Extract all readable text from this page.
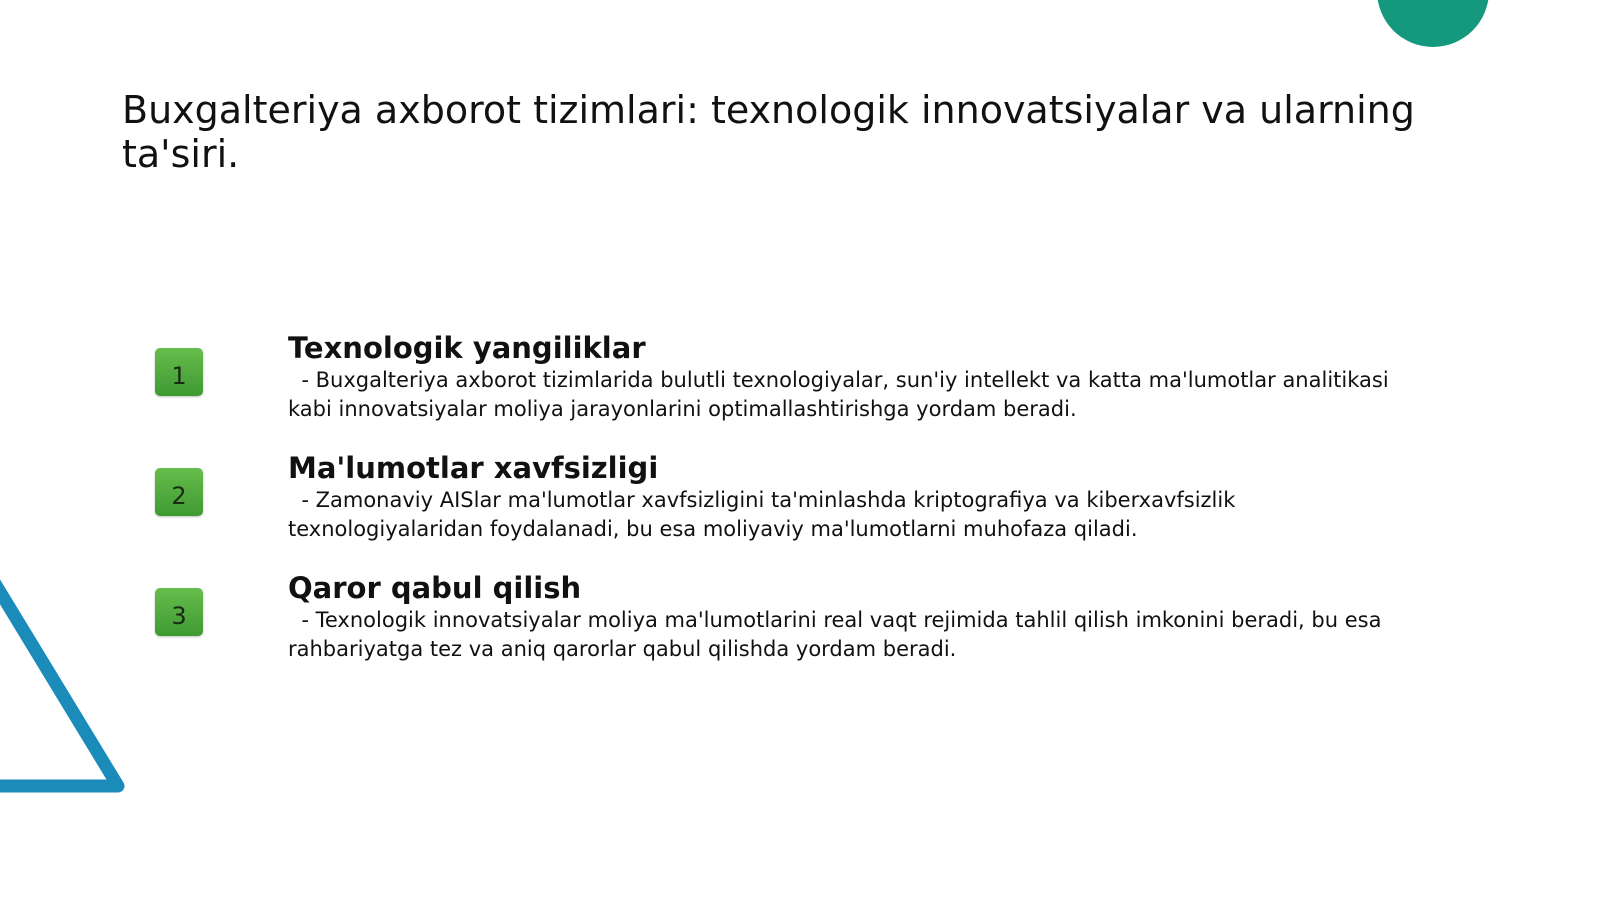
Buxgalteriya axborot tizimlari: texnologik innovatsiyalar va ularning ta'siri.
1
Texnologik yangiliklar
- Buxgalteriya axborot tizimlarida bulutli texnologiyalar, sun'iy intellekt va katta ma'lumotlar analitikasi kabi innovatsiyalar moliya jarayonlarini optimallashtirishga yordam beradi.
2
Ma'lumotlar xavfsizligi
- Zamonaviy AISlar ma'lumotlar xavfsizligini ta'minlashda kriptografiya va kiberxavfsizlik texnologiyalaridan foydalanadi, bu esa moliyaviy ma'lumotlarni muhofaza qiladi.
3
Qaror qabul qilish
- Texnologik innovatsiyalar moliya ma'lumotlarini real vaqt rejimida tahlil qilish imkonini beradi, bu esa rahbariyatga tez va aniq qarorlar qabul qilishda yordam beradi.
